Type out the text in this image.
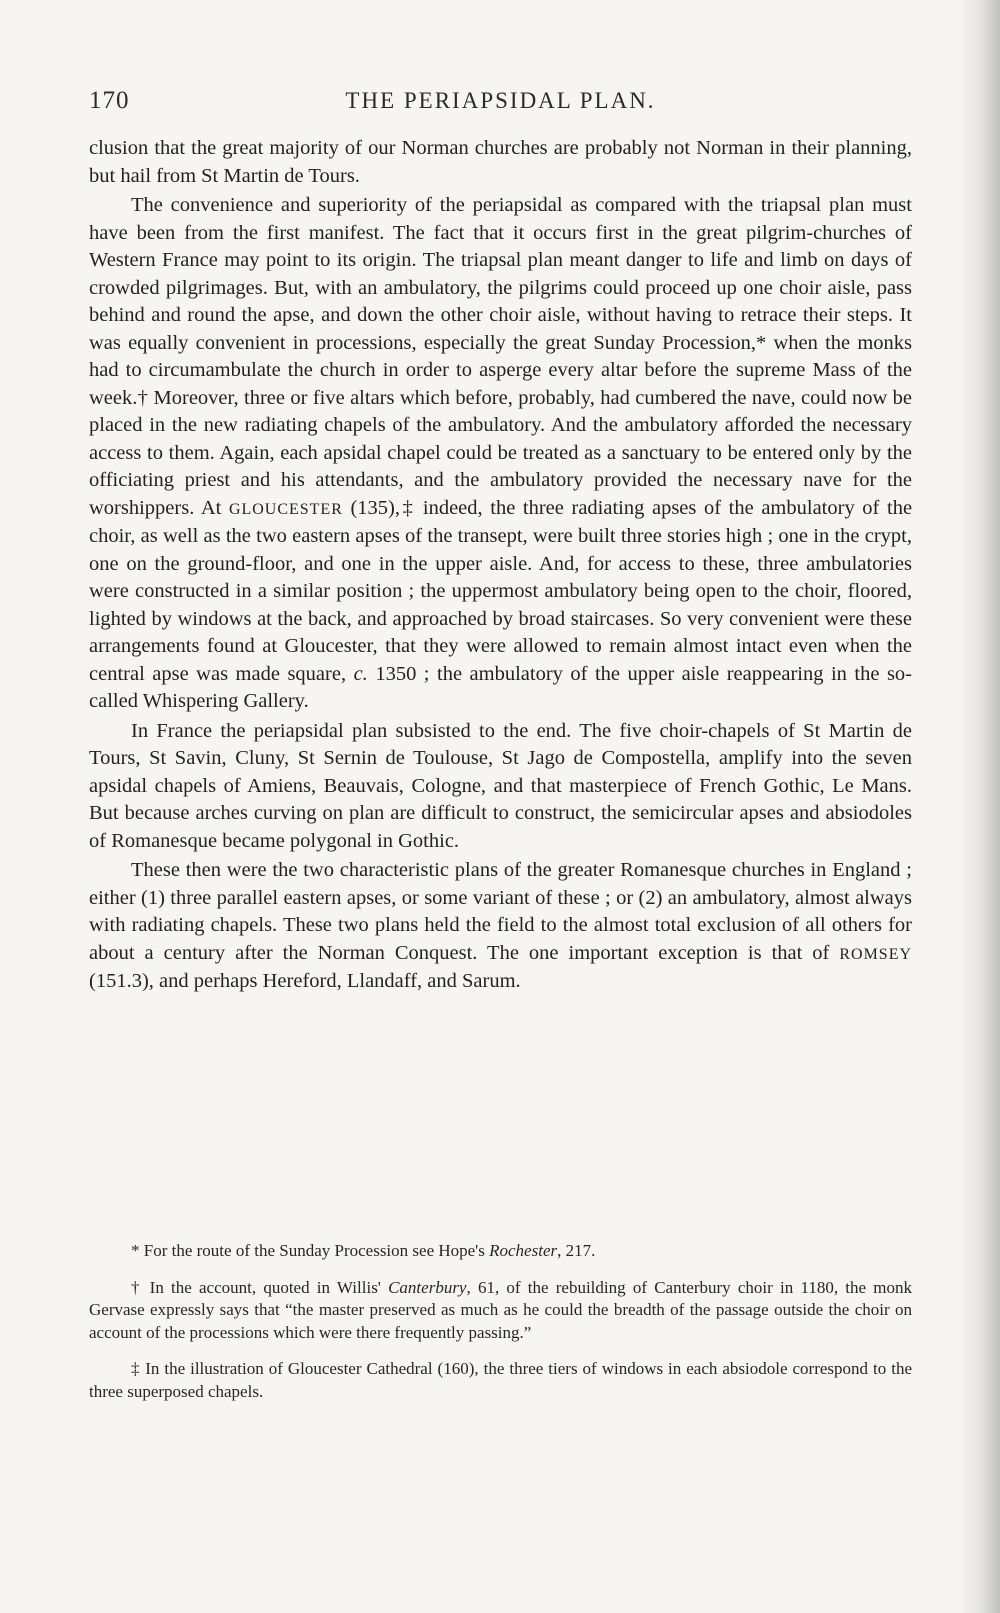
170	THE PERIAPSIDAL PLAN.

clusion that the great majority of our Norman churches are probably not Norman in their planning, but hail from St Martin de Tours.

The convenience and superiority of the periapsidal as compared with the triapsal plan must have been from the first manifest. The fact that it occurs first in the great pilgrim-churches of Western France may point to its origin. The triapsal plan meant danger to life and limb on days of crowded pilgrimages. But, with an ambulatory, the pilgrims could proceed up one choir aisle, pass behind and round the apse, and down the other choir aisle, without having to retrace their steps. It was equally convenient in processions, especially the great Sunday Procession,* when the monks had to circumambulate the church in order to asperge every altar before the supreme Mass of the week.† Moreover, three or five altars which before, probably, had cumbered the nave, could now be placed in the new radiating chapels of the ambulatory. And the ambulatory afforded the necessary access to them. Again, each apsidal chapel could be treated as a sanctuary to be entered only by the officiating priest and his attendants, and the ambulatory provided the necessary nave for the worshippers. At GLOUCESTER (135),‡ indeed, the three radiating apses of the ambulatory of the choir, as well as the two eastern apses of the transept, were built three stories high ; one in the crypt, one on the ground-floor, and one in the upper aisle. And, for access to these, three ambulatories were constructed in a similar position ; the uppermost ambulatory being open to the choir, floored, lighted by windows at the back, and approached by broad staircases. So very convenient were these arrangements found at Gloucester, that they were allowed to remain almost intact even when the central apse was made square, c. 1350 ; the ambulatory of the upper aisle reappearing in the so-called Whispering Gallery.

In France the periapsidal plan subsisted to the end. The five choir-chapels of St Martin de Tours, St Savin, Cluny, St Sernin de Toulouse, St Jago de Compostella, amplify into the seven apsidal chapels of Amiens, Beauvais, Cologne, and that masterpiece of French Gothic, Le Mans. But because arches curving on plan are difficult to construct, the semicircular apses and absiodoles of Romanesque became polygonal in Gothic.

These then were the two characteristic plans of the greater Romanesque churches in England ; either (1) three parallel eastern apses, or some variant of these ; or (2) an ambulatory, almost always with radiating chapels. These two plans held the field to the almost total exclusion of all others for about a century after the Norman Conquest. The one important exception is that of ROMSEY (151.3), and perhaps Hereford, Llandaff, and Sarum.

* For the route of the Sunday Procession see Hope's Rochester, 217.

† In the account, quoted in Willis' Canterbury, 61, of the rebuilding of Canterbury choir in 1180, the monk Gervase expressly says that “the master preserved as much as he could the breadth of the passage outside the choir on account of the processions which were there frequently passing.”

‡ In the illustration of Gloucester Cathedral (160), the three tiers of windows in each absiodole correspond to the three superposed chapels.
